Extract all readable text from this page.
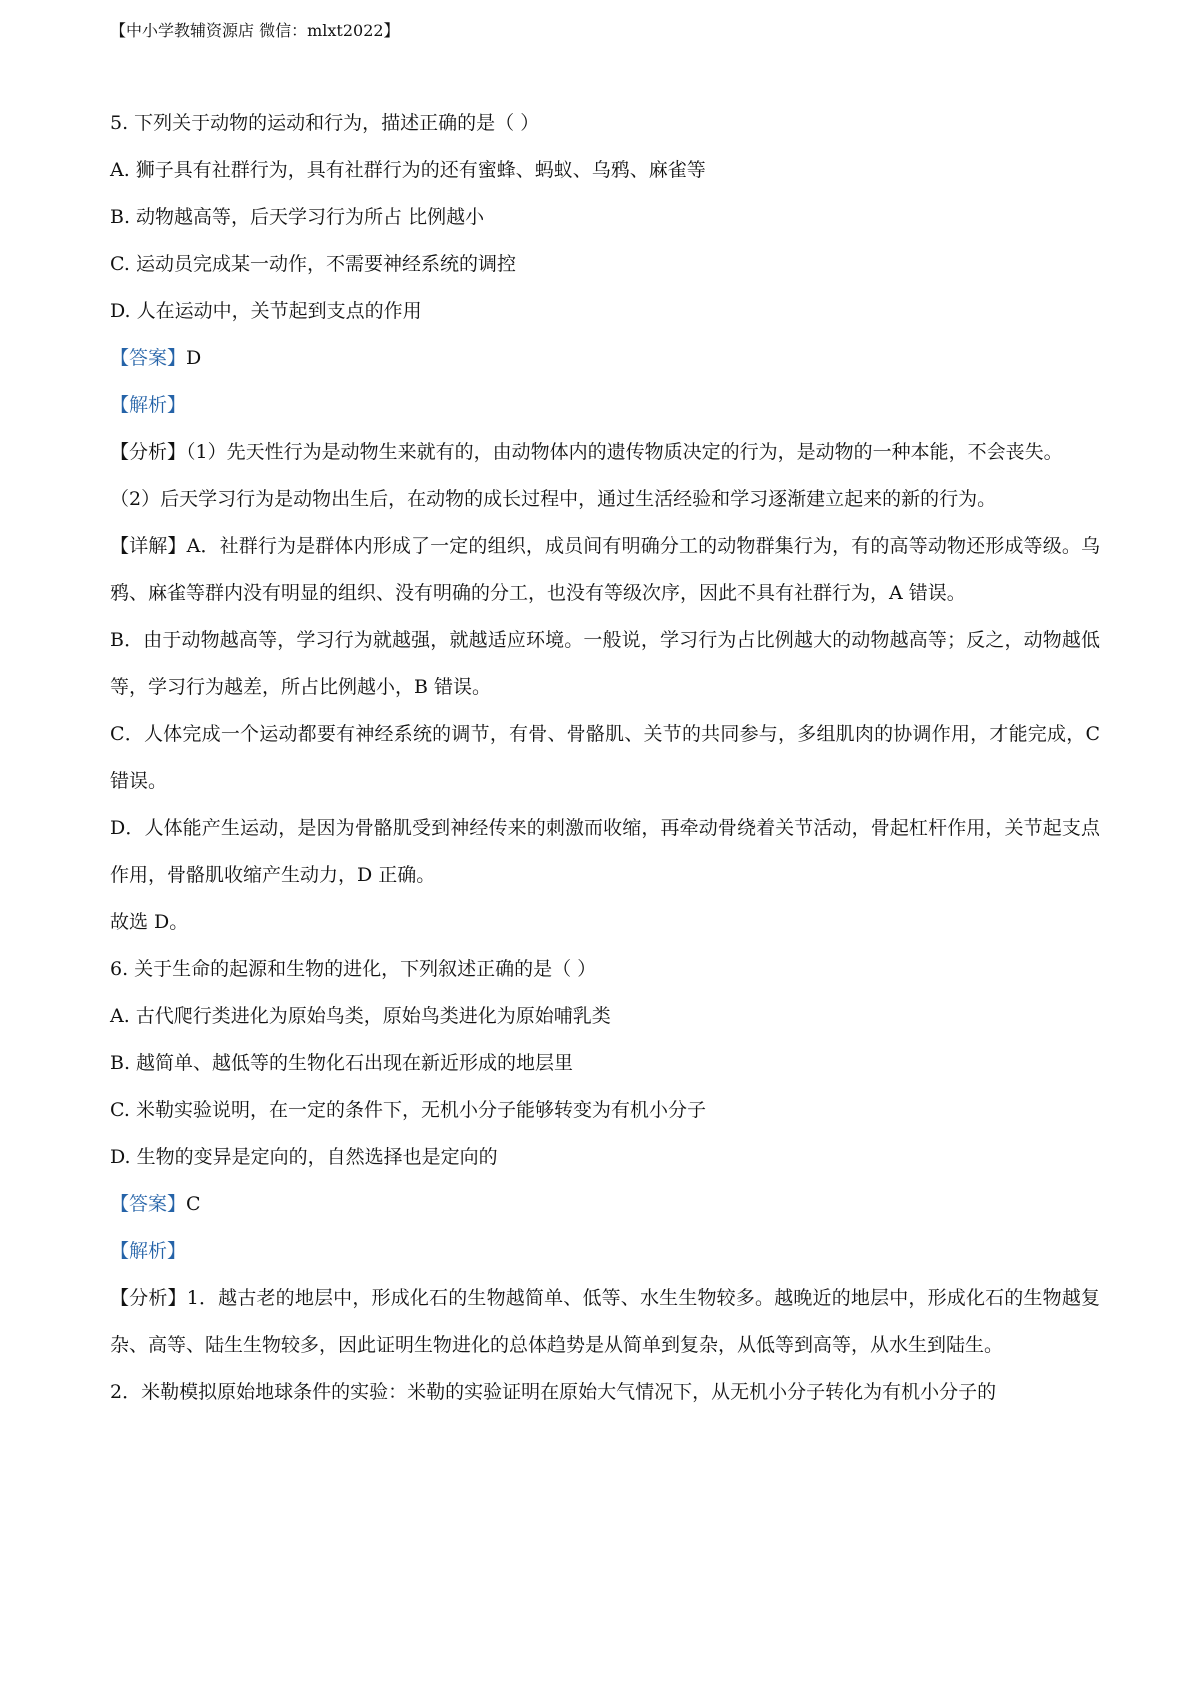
【中小学教辅资源店 微信：mlxt2022】
5. 下列关于动物的运动和行为，描述正确的是（ ）
A. 狮子具有社群行为，具有社群行为的还有蜜蜂、蚂蚁、乌鸦、麻雀等
B. 动物越高等，后天学习行为所占 比例越小
C. 运动员完成某一动作，不需要神经系统的调控
D. 人在运动中，关节起到支点的作用
【答案】D
【解析】
【分析】（1）先天性行为是动物生来就有的，由动物体内的遗传物质决定的行为，是动物的一种本能，不会丧失。
（2）后天学习行为是动物出生后，在动物的成长过程中，通过生活经验和学习逐渐建立起来的新的行为。
【详解】A．社群行为是群体内形成了一定的组织，成员间有明确分工的动物群集行为，有的高等动物还形成等级。乌鸦、麻雀等群内没有明显的组织、没有明确的分工，也没有等级次序，因此不具有社群行为，A 错误。
B．由于动物越高等，学习行为就越强，就越适应环境。一般说，学习行为占比例越大的动物越高等；反之，动物越低等，学习行为越差，所占比例越小，B 错误。
C．人体完成一个运动都要有神经系统的调节，有骨、骨骼肌、关节的共同参与，多组肌肉的协调作用，才能完成，C 错误。
D．人体能产生运动，是因为骨骼肌受到神经传来的刺激而收缩，再牵动骨绕着关节活动，骨起杠杆作用，关节起支点作用，骨骼肌收缩产生动力，D 正确。
故选 D。
6. 关于生命的起源和生物的进化，下列叙述正确的是（ ）
A. 古代爬行类进化为原始鸟类，原始鸟类进化为原始哺乳类
B. 越简单、越低等的生物化石出现在新近形成的地层里
C. 米勒实验说明，在一定的条件下，无机小分子能够转变为有机小分子
D. 生物的变异是定向的，自然选择也是定向的
【答案】C
【解析】
【分析】1．越古老的地层中，形成化石的生物越简单、低等、水生生物较多。越晚近的地层中，形成化石的生物越复杂、高等、陆生生物较多，因此证明生物进化的总体趋势是从简单到复杂，从低等到高等，从水生到陆生。
2．米勒模拟原始地球条件的实验：米勒的实验证明在原始大气情况下，从无机小分子转化为有机小分子的
